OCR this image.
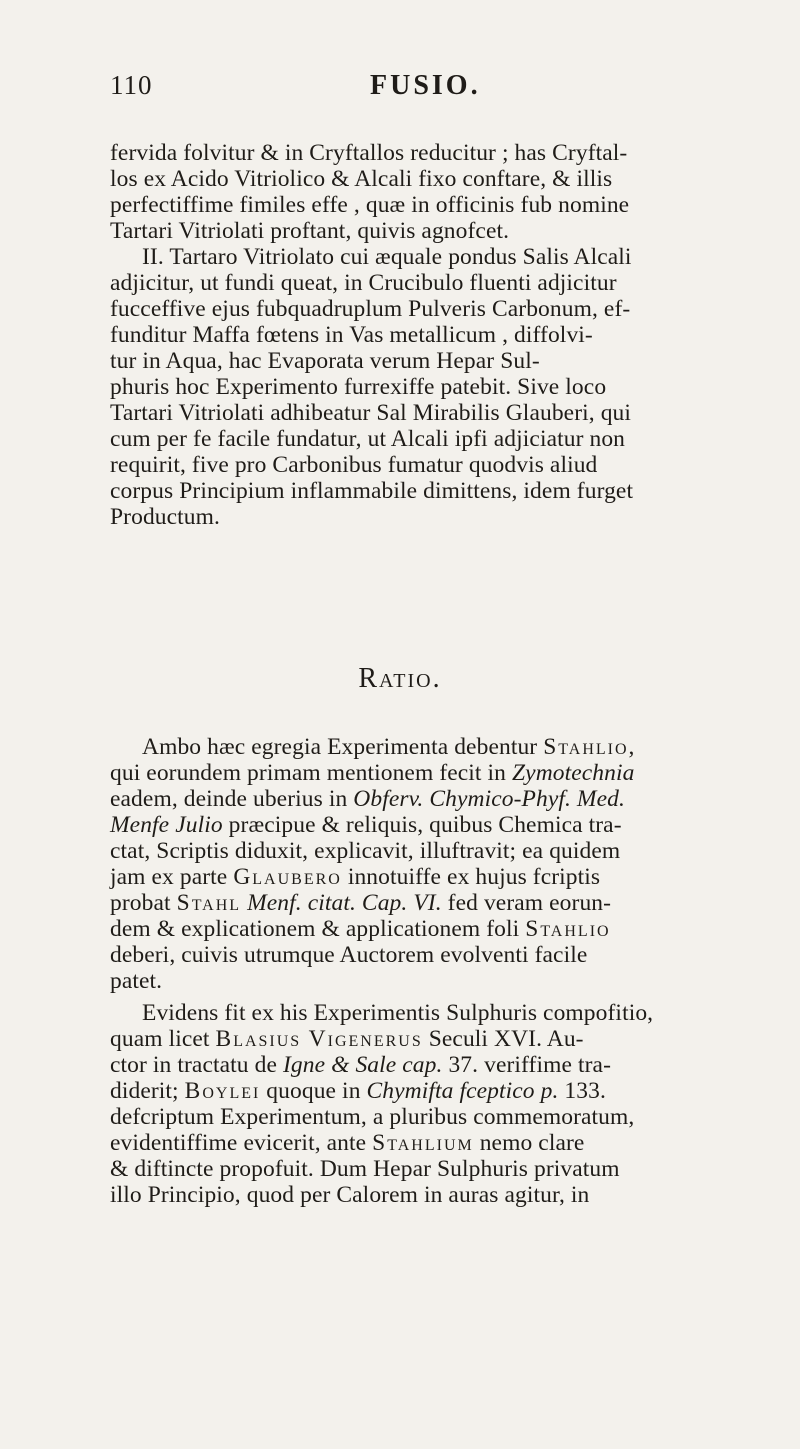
110	FUSIO.
fervida folvitur & in Cryftallos reducitur ; has Cryftal-
los ex Acido Vitriolico & Alcali fixo conftare, & illis
perfectiffime fimiles effe , quæ in officinis fub nomine
Tartari Vitriolati proftant, quivis agnofcet.
II. Tartaro Vitriolato cui æquale pondus Salis Alcali
adjicitur, ut fundi queat, in Crucibulo fluenti adjicitur
fucceffive ejus fubquadruplum Pulveris Carbonum, ef-
funditur Maffa fœtens in Vas metallicum , diffolvi-
tur in Aqua, hac Evaporata verum Hepar Sul-
phuris hoc Experimento furrexiffe patebit. Sive loco
Tartari Vitriolati adhibeatur Sal Mirabilis Glauberi, qui
cum per fe facile fundatur, ut Alcali ipfi adjiciatur non
requirit, five pro Carbonibus fumatur quodvis aliud
corpus Principium inflammabile dimittens, idem furget
Productum.
Ratio.
Ambo hæc egregia Experimenta debentur Stahlio,
qui eorundem primam mentionem fecit in Zymotechnia
eadem, deinde uberius in Obferv. Chymico-Phyf. Med.
Menfe Julio præcipue & reliquis, quibus Chemica tra-
ctat, Scriptis diduxit, explicavit, illuftravit; ea quidem
jam ex parte Glaubero innotuiffe ex hujus fcriptis
probat Stahl Menf. citat. Cap. VI. fed veram eorun-
dem & explicationem & applicationem foli Stahlio
deberi, cuivis utrumque Auctorem evolventi facile
patet.
Evidens fit ex his Experimentis Sulphuris compofitio,
quam licet Blasius Vigenerus Seculi XVI. Au-
ctor in tractatu de Igne & Sale cap. 37. veriffime tra-
diderit; Boylei quoque in Chymifta fceptico p. 133.
defcriptum Experimentum, a pluribus commemoratum,
evidentiffime evicerit, ante Stahlium nemo clare
& diftincte propofuit. Dum Hepar Sulphuris privatum
illo Principio, quod per Calorem in auras agitur, in
